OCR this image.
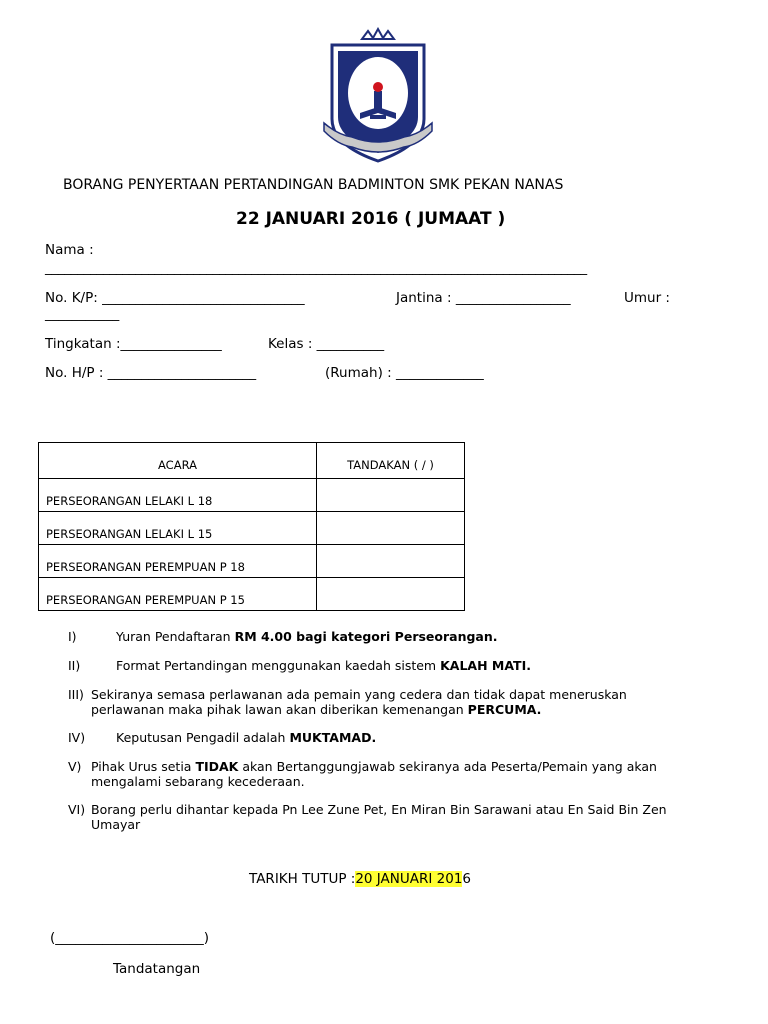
BORANG PENYERTAAN PERTANDINGAN BADMINTON SMK PEKAN NANAS
22 JANUARI 2016 ( JUMAAT )
Nama :
____________________________________________________________________________________
No. K/P: ______________________________	Jantina : _________________	Umur :
___________
Tingkatan :_______________	Kelas : __________
No. H/P : ______________________	(Rumah) : _____________
ACARA	TANDAKAN ( / )
PERSEORANGAN LELAKI L 18	
PERSEORANGAN LELAKI L 15	
PERSEORANGAN PEREMPUAN P 18	
PERSEORANGAN PEREMPUAN P 15	
I)	Yuran Pendaftaran RM 4.00 bagi kategori Perseorangan.
II)	Format Pertandingan menggunakan kaedah sistem KALAH MATI.
III) Sekiranya semasa perlawanan ada pemain yang cedera dan tidak dapat meneruskan perlawanan maka pihak lawan akan diberikan kemenangan PERCUMA.
IV) Keputusan Pengadil adalah MUKTAMAD.
V) Pihak Urus setia TIDAK akan Bertanggungjawab sekiranya ada Peserta/Pemain yang akan mengalami sebarang kecederaan.
VI) Borang perlu dihantar kepada Pn Lee Zune Pet, En Miran Bin Sarawani atau En Said Bin Zen Umayar
TARIKH TUTUP :20 JANUARI 2016
(______________________)
Tandatangan
